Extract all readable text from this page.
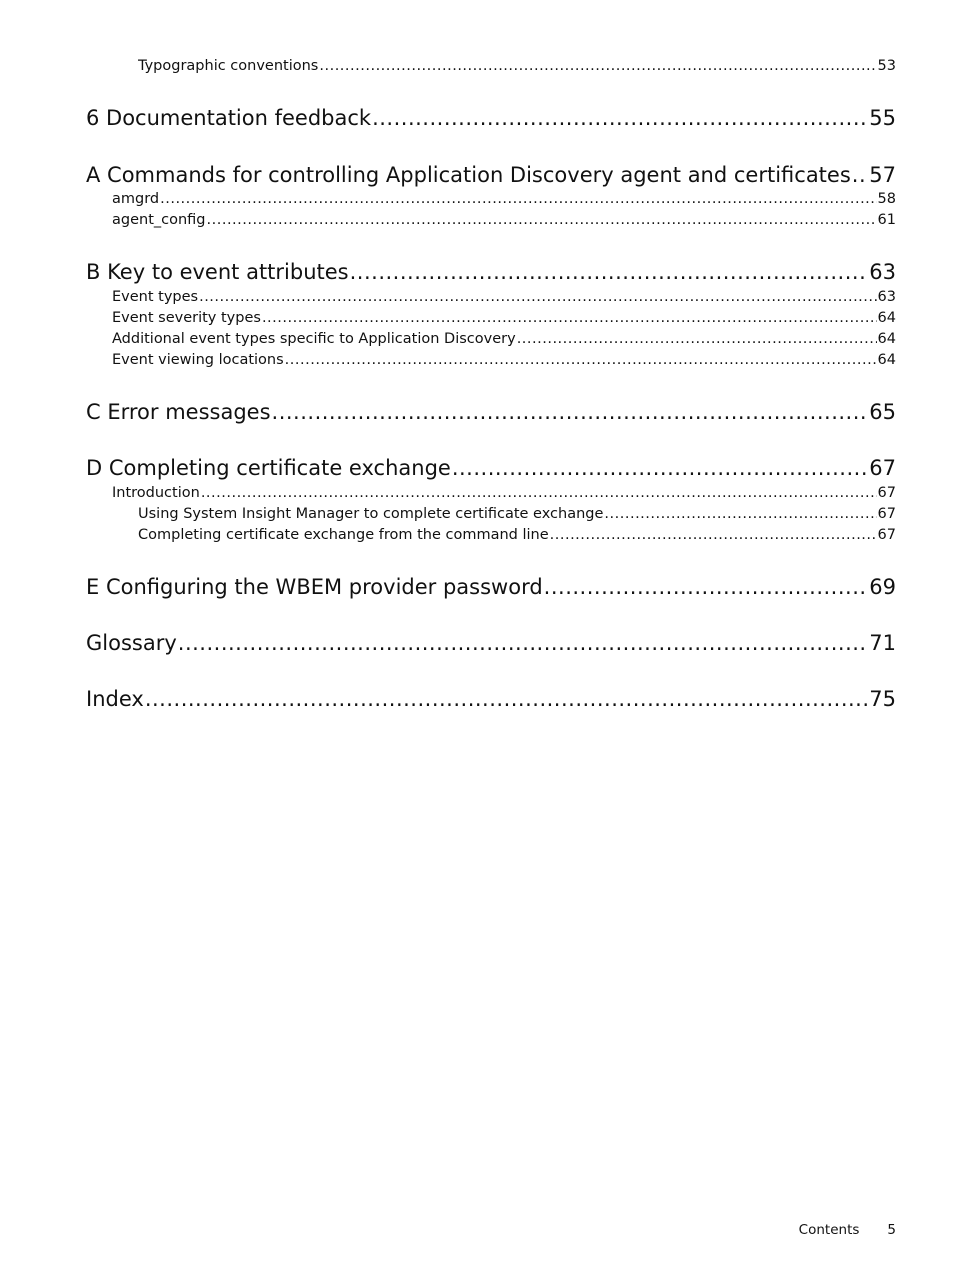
Typographic conventions .....	53
6 Documentation feedback .....	55
A Commands for controlling Application Discovery agent and certificates ..... 57
amgrd .....	58
agent_config .....	61
B Key to event attributes .....	63
Event types .....	63
Event severity types .....	64
Additional event types specific to Application Discovery .....	64
Event viewing locations .....	64
C Error messages .....	65
D Completing certificate exchange .....	67
Introduction .....	67
Using System Insight Manager to complete certificate exchange .....	67
Completing certificate exchange from the command line .....	67
E Configuring the WBEM provider password .....	69
Glossary .....	71
Index .....	75
Contents 5
